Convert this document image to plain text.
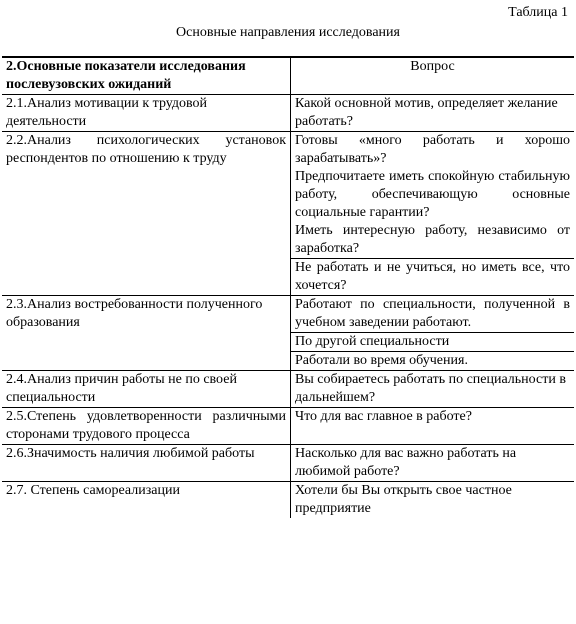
Таблица 1
Основные направления исследования
2.Основные показатели исследования послевузовских ожиданий	Вопрос
2.1.Анализ мотивации к трудовой деятельности	Какой основной мотив, определяет желание работать?
2.2.Анализ психологических установок респондентов по отношению к труду	Готовы «много работать и хорошо зарабатывать»?
	Предпочитаете иметь спокойную стабильную работу, обеспечивающую основные социальные гарантии?
	Иметь интересную работу, независимо от заработка?
	Не работать и не учиться, но иметь все, что хочется?
2.3.Анализ востребованности полученного образования	Работают по специальности, полученной в учебном заведении работают.
	По другой специальности
	Работали во время обучения.
2.4.Анализ причин работы не по своей специальности	Вы собираетесь работать по специальности в дальнейшем?
2.5.Степень удовлетворенности различными сторонами трудового процесса	Что для вас главное в работе?
2.6.Значимость наличия любимой работы	Насколько для вас важно работать на любимой работе?
2.7. Степень самореализации	Хотели бы Вы открыть свое частное предприятие
